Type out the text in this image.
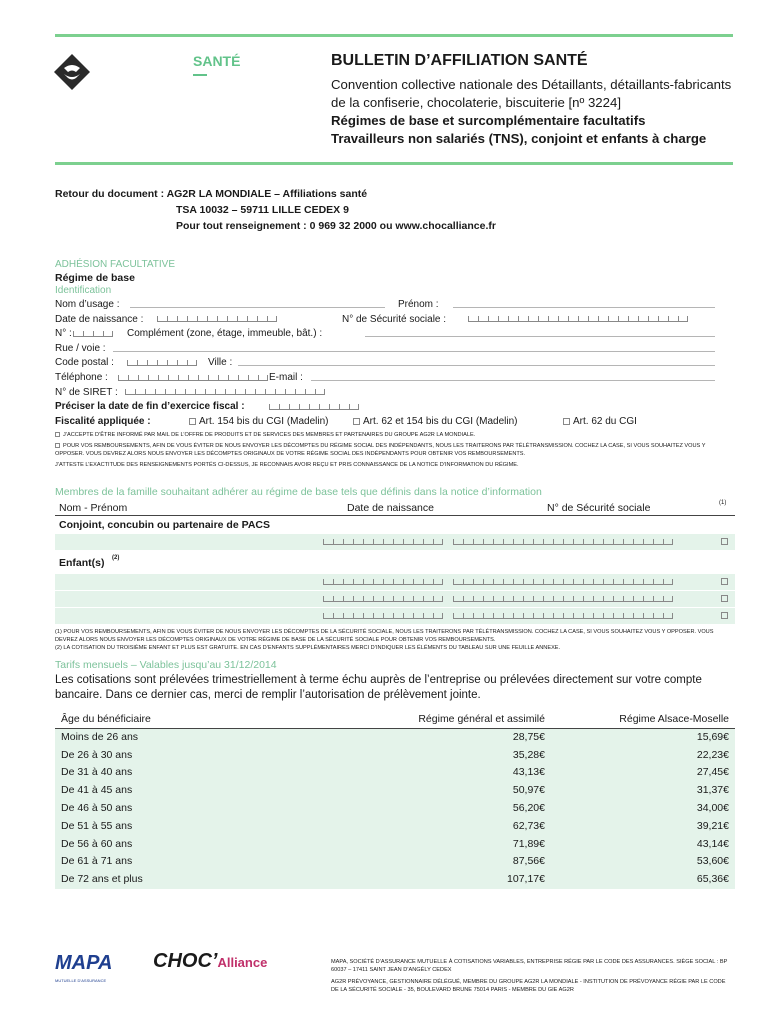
SANTÉ	BULLETIN D’AFFILIATION SANTÉ
Convention collective nationale des Détaillants, détaillants-fabricants de la confiserie, chocolaterie, biscuiterie [nº 3224]
Régimes de base et surcomplémentaire facultatifs
Travailleurs non salariés (TNS), conjoint et enfants à charge
Retour du document : AG2R LA MONDIALE – Affiliations santé
TSA 10032 – 59711 LILLE CEDEX 9
Pour tout renseignement : 0 969 32 2000 ou www.chocalliance.fr
ADHÉSION FACULTATIVE
Régime de base
Identification
Nom d’usage :	Prénom :
Date de naissance :	N° de Sécurité sociale :
N° :	Complément (zone, étage, immeuble, bât.) :
Rue / voie :
Code postal :	Ville :
Téléphone :	E-mail :
N° de SIRET :
Préciser la date de fin d’exercice fiscal :
Fiscalité appliquée :	Art. 154 bis du CGI (Madelin)	Art. 62 et 154 bis du CGI (Madelin)	Art. 62 du CGI
J’ACCEPTE D’ÊTRE INFORMÉ PAR MAIL DE L’OFFRE DE PRODUITS ET DE SERVICES DES MEMBRES ET PARTENAIRES DU GROUPE AG2R LA MONDIALE.
POUR VOS REMBOURSEMENTS, AFIN DE VOUS ÉVITER DE NOUS ENVOYER LES DÉCOMPTES DU RÉGIME SOCIAL DES INDÉPENDANTS, NOUS LES TRAITERONS PAR TÉLÉTRANSMISSION. COCHEZ LA CASE, SI VOUS SOUHAITEZ VOUS Y OPPOSER. VOUS DEVREZ ALORS NOUS ENVOYER LES DÉCOMPTES ORIGINAUX DE VOTRE RÉGIME SOCIAL DES INDÉPENDANTS POUR OBTENIR VOS REMBOURSEMENTS.
J’ATTESTE L’EXACTITUDE DES RENSEIGNEMENTS PORTÉS CI-DESSUS, JE RECONNAIS AVOIR REÇU ET PRIS CONNAISSANCE DE LA NOTICE D’INFORMATION DU RÉGIME.
Membres de la famille souhaitant adhérer au régime de base tels que définis dans la notice d’information
Nom - Prénom	Date de naissance	N° de Sécurité sociale	(1)
Conjoint, concubin ou partenaire de PACS
Enfant(s) (2)
(1) POUR VOS REMBOURSEMENTS, AFIN DE VOUS ÉVITER DE NOUS ENVOYER LES DÉCOMPTES DE LA SÉCURITÉ SOCIALE, NOUS LES TRAITERONS PAR TÉLÉTRANSMISSION. COCHEZ LA CASE, SI VOUS SOUHAITEZ VOUS Y OPPOSER. VOUS DEVREZ ALORS NOUS ENVOYER LES DÉCOMPTES ORIGINAUX DE VOTRE RÉGIME DE BASE DE LA SÉCURITÉ SOCIALE POUR OBTENIR VOS REMBOURSEMENTS.
(2) LA COTISATION DU TROISIÈME ENFANT ET PLUS EST GRATUITE. EN CAS D’ENFANTS SUPPLÉMENTAIRES MERCI D’INDIQUER LES ÉLÉMENTS DU TABLEAU SUR UNE FEUILLE ANNEXE.
Tarifs mensuels – Valables jusqu’au 31/12/2014
Les cotisations sont prélevées trimestriellement à terme échu auprès de l’entreprise ou prélevées directement sur votre compte bancaire. Dans ce dernier cas, merci de remplir l’autorisation de prélèvement jointe.
Âge du bénéficiaire	Régime général et assimilé	Régime Alsace-Moselle
Moins de 26 ans	28,75€	15,69€
De 26 à 30 ans	35,28€	22,23€
De 31 à 40 ans	43,13€	27,45€
De 41 à 45 ans	50,97€	31,37€
De 46 à 50 ans	56,20€	34,00€
De 51 à 55 ans	62,73€	39,21€
De 56 à 60 ans	71,89€	43,14€
De 61 à 71 ans	87,56€	53,60€
De 72 ans et plus	107,17€	65,36€
MAPA
MUTUELLE D’ASSURANCE
CHOC’Alliance	MAPA, SOCIÉTÉ D’ASSURANCE MUTUELLE À COTISATIONS VARIABLES, ENTREPRISE RÉGIE PAR LE CODE DES ASSURANCES. SIÈGE SOCIAL : BP 60037 – 17411 SAINT JEAN D’ANGÉLY CEDEX
AG2R PRÉVOYANCE, GESTIONNAIRE DÉLÉGUÉ, MEMBRE DU GROUPE AG2R LA MONDIALE - INSTITUTION DE PRÉVOYANCE RÉGIE PAR LE CODE DE LA SÉCURITÉ SOCIALE - 35, BOULEVARD BRUNE 75014 PARIS - MEMBRE DU GIE AG2R
